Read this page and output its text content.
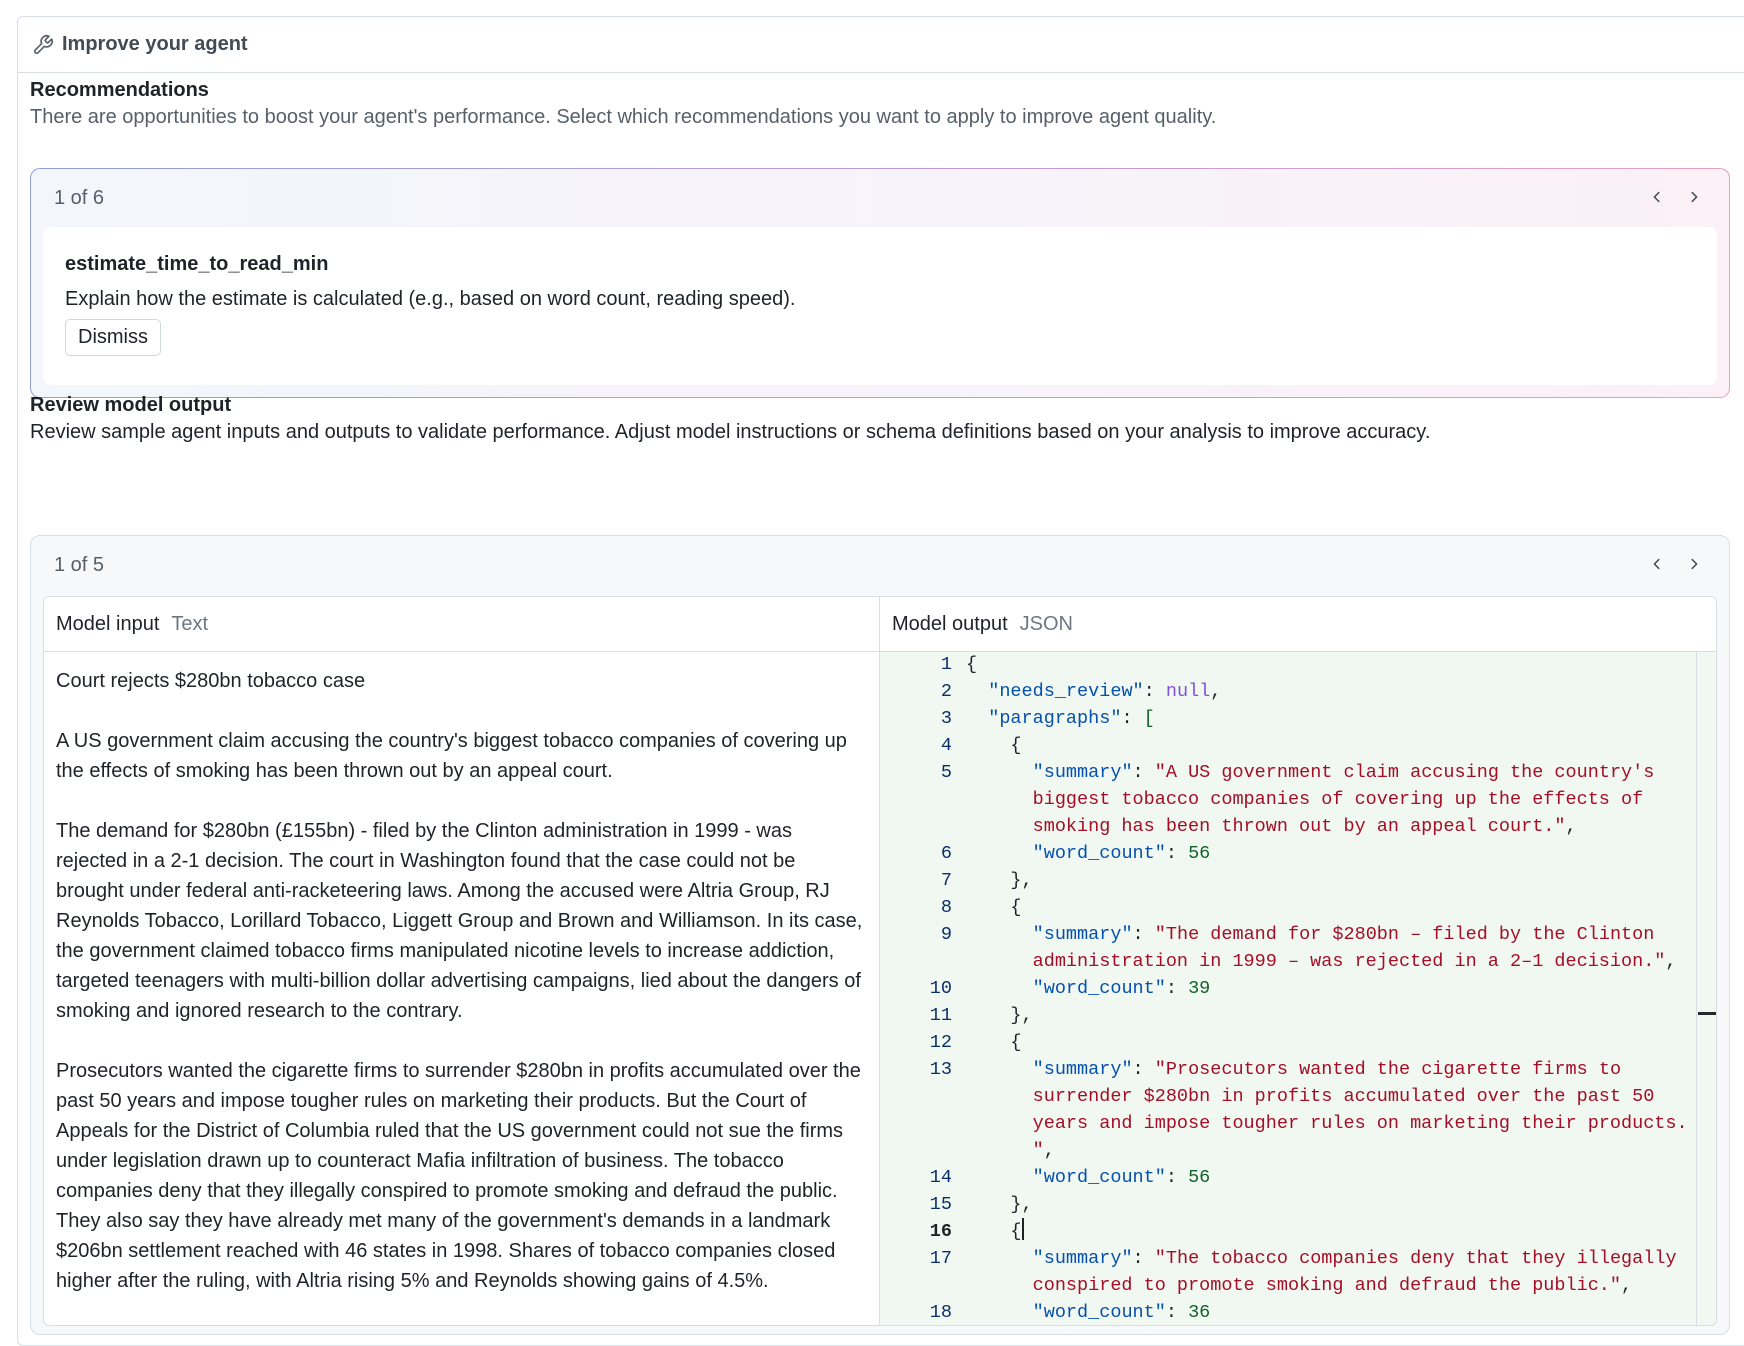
Improve your agent
Recommendations
There are opportunities to boost your agent's performance. Select which recommendations you want to apply to improve agent quality.
1 of 6
estimate_time_to_read_min
Explain how the estimate is calculated (e.g., based on word count, reading speed).
Dismiss
Review model output
Review sample agent inputs and outputs to validate performance. Adjust model instructions or schema definitions based on your analysis to improve accuracy.
1 of 5
Model input Text	Model output JSON

Court rejects $280bn tobacco case

A US government claim accusing the country's biggest tobacco companies of covering up the effects of smoking has been thrown out by an appeal court.

The demand for $280bn (£155bn) - filed by the Clinton administration in 1999 - was rejected in a 2-1 decision. The court in Washington found that the case could not be brought under federal anti-racketeering laws. Among the accused were Altria Group, RJ Reynolds Tobacco, Lorillard Tobacco, Liggett Group and Brown and Williamson. In its case, the government claimed tobacco firms manipulated nicotine levels to increase addiction, targeted teenagers with multi-billion dollar advertising campaigns, lied about the dangers of smoking and ignored research to the contrary.

Prosecutors wanted the cigarette firms to surrender $280bn in profits accumulated over the past 50 years and impose tougher rules on marketing their products. But the Court of Appeals for the District of Columbia ruled that the US government could not sue the firms under legislation drawn up to counteract Mafia infiltration of business. The tobacco companies deny that they illegally conspired to promote smoking and defraud the public. They also say they have already met many of the government's demands in a landmark $206bn settlement reached with 46 states in 1998. Shares of tobacco companies closed higher after the ruling, with Altria rising 5% and Reynolds showing gains of 4.5%.

1 {
2	"needs_review": null,
3	"paragraphs": [
4 {
5	"summary": "A US government claim accusing the country's
biggest tobacco companies of covering up the effects of
smoking has been thrown out by an appeal court.",
6	"word_count": 56
7 },
8 {
9	"summary": "The demand for $280bn – filed by the Clinton
administration in 1999 – was rejected in a 2–1 decision.",
10	"word_count": 39
11 },
12 {
13	"summary": "Prosecutors wanted the cigarette firms to
surrender $280bn in profits accumulated over the past 50
years and impose tougher rules on marketing their products.
",
14	"word_count": 56
15 },
16 {
17	"summary": "The tobacco companies deny that they illegally
conspired to promote smoking and defraud the public.",
18	"word_count": 36
